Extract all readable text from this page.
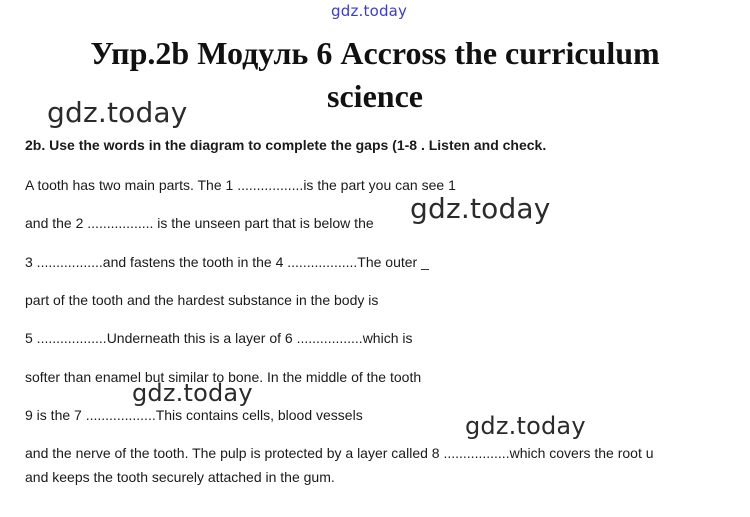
gdz.today
Упр.2b Модуль 6 Accross the curriculum
science
gdz.today
2b. Use the words in the diagram to complete the gaps (1-8 . Listen and check.
A tooth has two main parts. The 1 .................is the part you can see 1
and the 2 ................. is the unseen part that is below the
3 .................and fastens the tooth in the 4 ..................The outer _
part of the tooth and the hardest substance in the body is
5 ..................Underneath this is a layer of 6 .................which is
softer than enamel but similar to bone. In the middle of the tooth
9 is the 7 ..................This contains cells, blood vessels
and the nerve of the tooth. The pulp is protected by a layer called 8 .................which covers the root u
and keeps the tooth securely attached in the gum.
gdz.today
gdz.today
gdz.today
